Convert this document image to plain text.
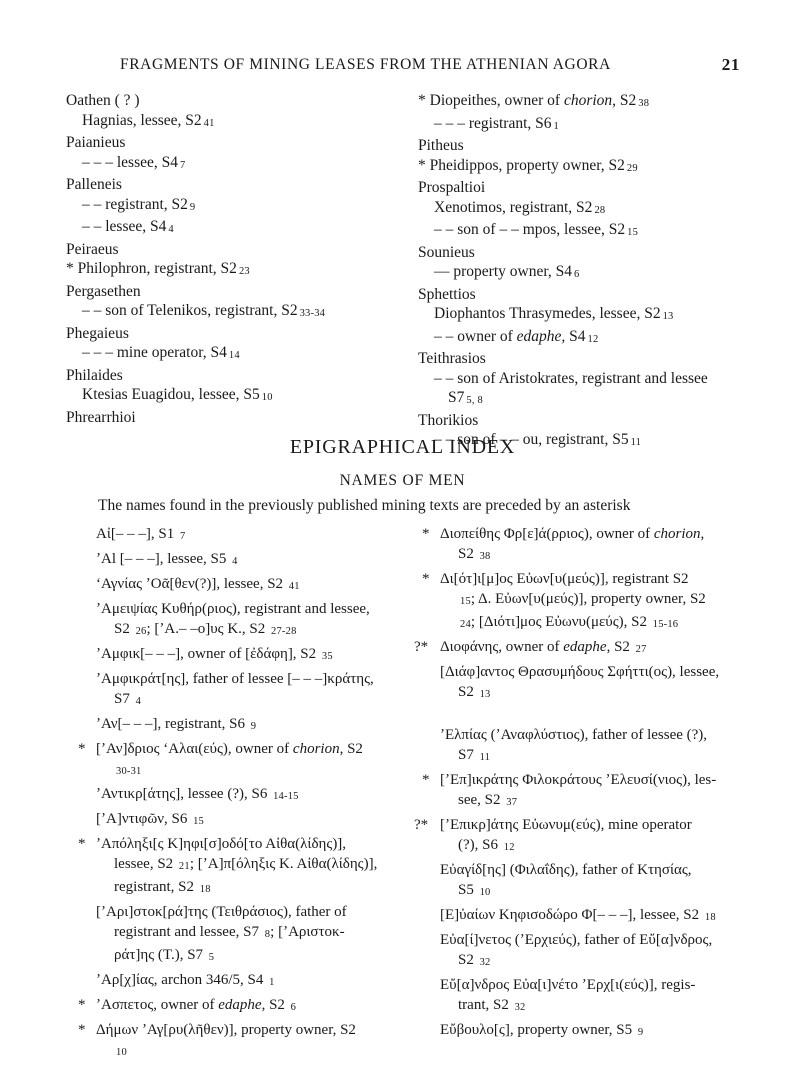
FRAGMENTS OF MINING LEASES FROM THE ATHENIAN AGORA	21
Oathen ( ? )
Hagnias, lessee, S2 41
Paianieus
– – – lessee, S4 7
Palleneis
– – registrant, S2 9
– – lessee, S4 4
Peiraeus
* Philophron, registrant, S2 23
Pergasethen
– – son of Telenikos, registrant, S2 33-34
Phegaieus
– – – mine operator, S4 14
Philaides
Ktesias Euagidou, lessee, S5 10
Phrearrhioi
* Diopeithes, owner of chorion, S2 38
– – – registrant, S6 1
Pitheus
* Pheidippos, property owner, S2 29
Prospaltioi
Xenotimos, registrant, S2 28
– – son of – – mpos, lessee, S2 15
Sounieus
— property owner, S4 6
Sphettios
Diophantos Thrasymedes, lessee, S2 13
– – owner of edaphe, S4 12
Teithrasios
– – son of Aristokrates, registrant and lessee
S7 5, 8
Thorikios
– – son of – – ou, registrant, S5 11
EPIGRAPHICAL INDEX
NAMES OF MEN
The names found in the previously published mining texts are preceded by an asterisk
Αἰ[– – –], S1 7
ʼΑl [– – –], lessee, S5 4
ʻΑγνίας ʼΟᾶ[θεν(?)], lessee, S2 41
ʼΑμειψίας Κυθήρ(ριος), registrant and lessee,
S2 26; [ʼΑ.– –ο]υς Κ., S2 27-28
ʼΑμφικ[– – –], owner of [ἐδάφη], S2 35
ʼΑμφικράτ[ης], father of lessee [– – –]κράτης,
S7 4
ʼΑν[– – –], registrant, S6 9
* [ʼΑν]δριος ʻΑλαι(εύς), owner of chorion, S2
30-31
ʼΑντικρ[άτης], lessee (?), S6 14-15
[ʼΑ]ντιφῶν, S6 15
* ʼΑπόληξι[ς Κ]ηφι[σ]οδό[το Αἰθα(λίδης)],
lessee, S2 21; [ʼΑ]π[όληξις Κ. Αἰθα(λίδης)],
registrant, S2 18
[ʼΑρι]στοκ[ρά]της (Τειθράσιος), father of
registrant and lessee, S7 8; [ʼΑριστοκ-
ράτ]ης (Τ.), S7 5
ʼΑρ[χ]ίας, archon 346/5, S4 1
* ʼΑσπετος, owner of edaphe, S2 6
* Δήμων ʼΑγ[ρυ(λῆθεν)], property owner, S2
10
* Διοπείθης Φρ[ε]ά(ρριος), owner of chorion,
S2 38
* Δι[ότ]ι[μ]ος Εὐων[υ(μεύς)], registrant S2
15; Δ. Εὐων[υ(μεύς)], property owner, S2
24; [Διότι]μος Εὐωνυ(μεύς), S2 15-16
?* Διοφάνης, owner of edaphe, S2 27
[Διάφ]αντος Θρασυμήδους Σφήττι(ος), lessee,
S2 13
ʼΕλπίας (ʼΑναφλύστιος), father of lessee (?),
S7 11
* [ʼΕπ]ικράτης Φιλοκράτους ʼΕλευσί(νιος), les-
see, S2 37
?* [ʼΕπικρ]άτης Εὐωνυμ(εύς), mine operator
(?), S6 12
Εὐαγίδ[ης] (Φιλαΐδης), father of Κτησίας,
S5 10
[Ε]ὐαίων Κηφισοδώρο Φ[– – –], lessee, S2 18
Εὐα[ί]νετος (ʼΕρχιεύς), father of Εὔ[α]νδρος,
S2 32
Εὔ[α]νδρος Εὐα[ι]νέτο ʼΕρχ[ι(εύς)], regis-
trant, S2 32
Εὔβουλο[ς], property owner, S5 9
